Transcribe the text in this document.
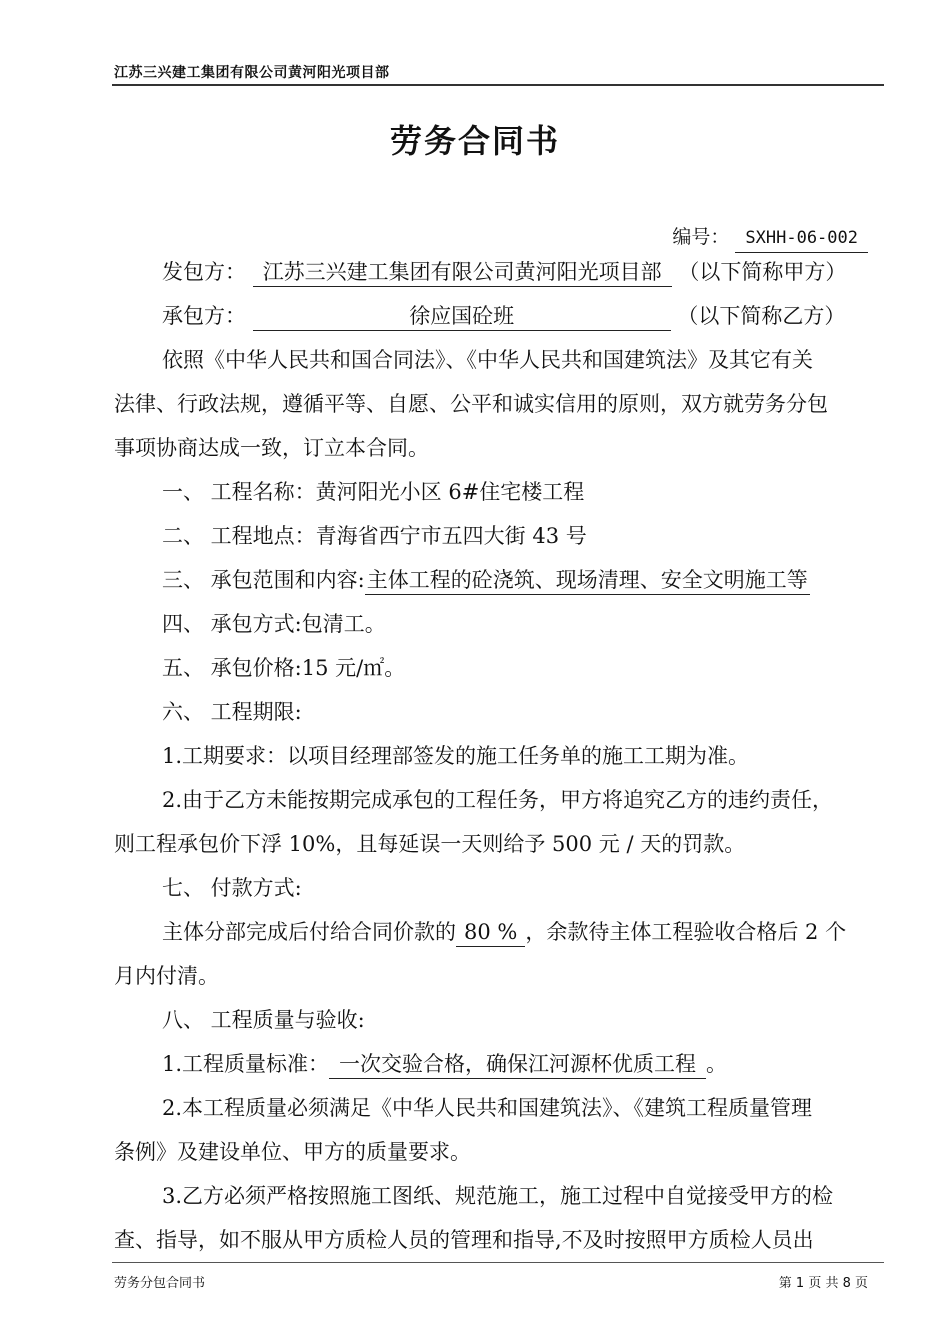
江苏三兴建工集团有限公司黄河阳光项目部
劳务合同书
编号： SXHH-06-002
发包方： 江苏三兴建工集团有限公司黄河阳光项目部 （以下简称甲方）
承包方：	徐应国砼班	（以下简称乙方）
依照《中华人民共和国合同法》、《中华人民共和国建筑法》及其它有关
法律、行政法规，遵循平等、自愿、公平和诚实信用的原则，双方就劳务分包
事项协商达成一致，订立本合同。
一、 工程名称：黄河阳光小区 6#住宅楼工程
二、 工程地点：青海省西宁市五四大街 43 号
三、 承包范围和内容:主体工程的砼浇筑、现场清理、安全文明施工等
四、 承包方式:包清工。
五、 承包价格:15 元/㎡。
六、 工程期限:
1.工期要求：以项目经理部签发的施工任务单的施工工期为准。
2.由于乙方未能按期完成承包的工程任务，甲方将追究乙方的违约责任，
则工程承包价下浮 10%，且每延误一天则给予 500 元 / 天的罚款。
七、 付款方式:
主体分部完成后付给合同价款的 80 % ，余款待主体工程验收合格后 2 个
月内付清。
八、 工程质量与验收:
1.工程质量标准： 一次交验合格，确保江河源杯优质工程 。
2.本工程质量必须满足《中华人民共和国建筑法》、《建筑工程质量管理
条例》及建设单位、甲方的质量要求。
3.乙方必须严格按照施工图纸、规范施工，施工过程中自觉接受甲方的检
查、指导，如不服从甲方质检人员的管理和指导,不及时按照甲方质检人员出
劳务分包合同书	第 1 页 共 8 页
